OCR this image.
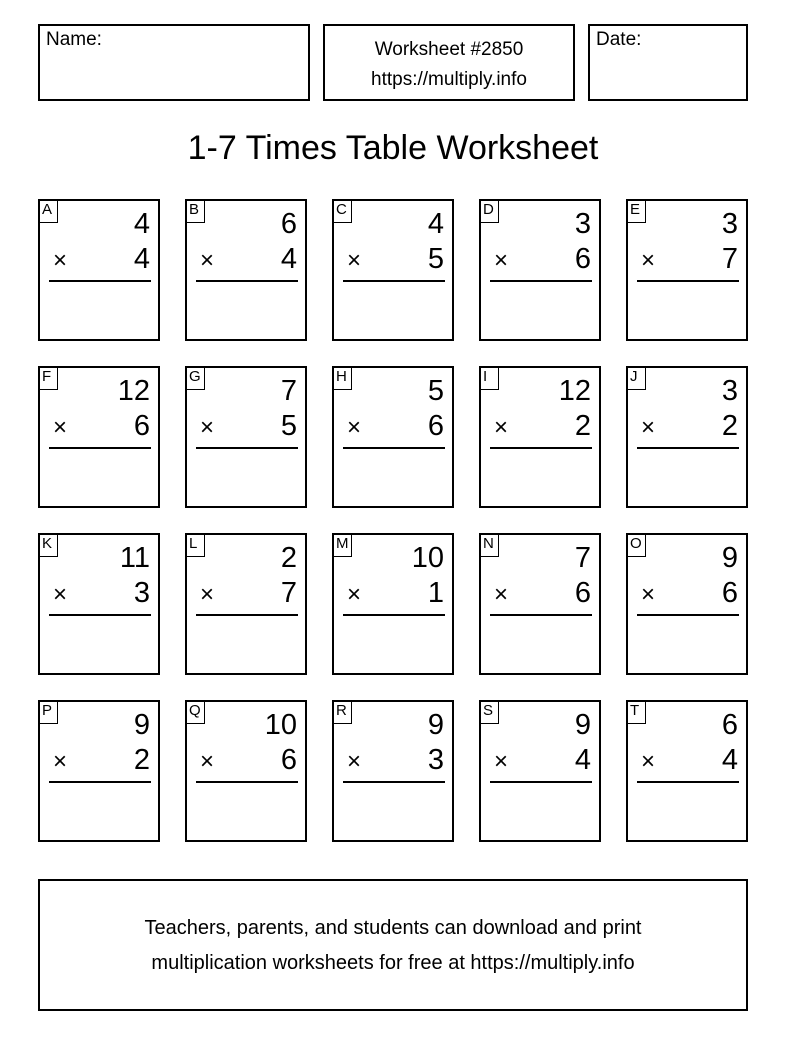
Name:	Worksheet #2850
https://multiply.info
Date:
1-7 Times Table Worksheet
A	4
× 4
B	6
× 4
C	4
× 5
D	3
× 6
E	3
× 7
F 12
× 6
G	7
× 5
H	5
× 6
I	12
× 2
J	3
× 2
K 11
× 3
L	2
× 7
M 10
× 1
N	7
× 6
O	9
× 6
P	9
× 2
Q 10
× 6
R	9
× 3
S	9
× 4
T	6
× 4
Teachers, parents, and students can download and print
multiplication worksheets for free at https://multiply.info
